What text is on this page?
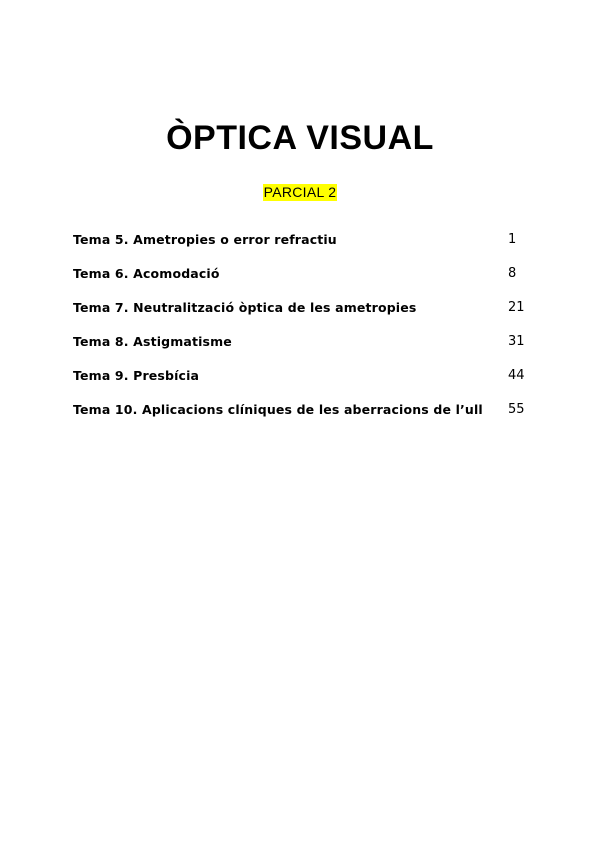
ÒPTICA VISUAL
PARCIAL 2
Tema 5. Ametropies o error refractiu	1
Tema 6. Acomodació	8
Tema 7. Neutralització òptica de les ametropies	21
Tema 8. Astigmatisme	31
Tema 9. Presbícia	44
Tema 10. Aplicacions clíniques de les aberracions de l’ull 55
